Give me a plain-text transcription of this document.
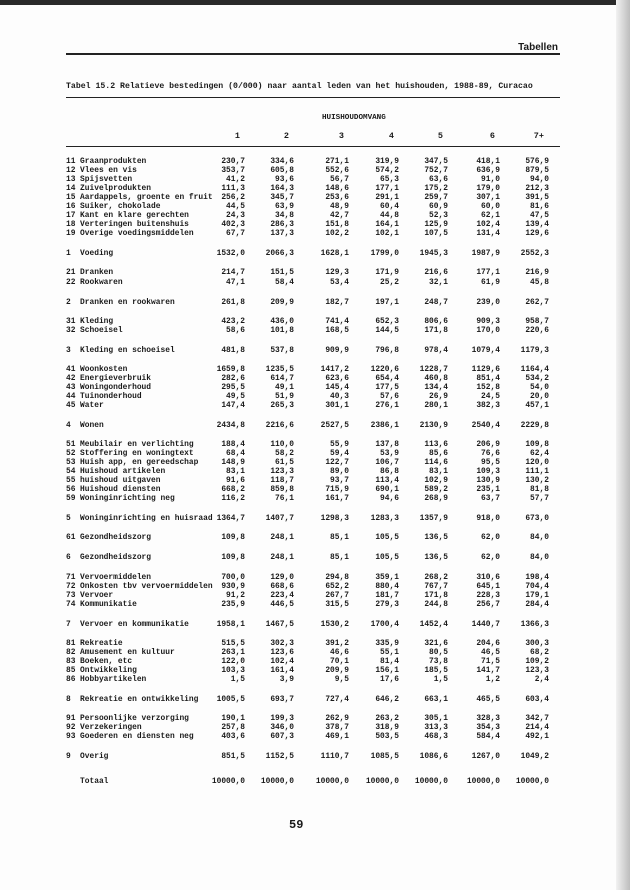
Tabellen
Tabel 15.2 Relatieve bestedingen (0/000) naar aantal leden van het huishouden, 1988-89, Curacao
HUISHOUDOMVANG
1	2	3	4	5	6	7+
11 Graanprodukten	230,7	334,6	271,1	319,9	347,5	418,1	576,9
12 Vlees en vis	353,7	605,8	552,6	574,2	752,7	636,9	879,5
13 Spijsvetten	41,2	93,6	56,7	65,3	63,6	91,0	94,0
14 Zuivelprodukten	111,3	164,3	148,6	177,1	175,2	179,0	212,3
15 Aardappels, groente en fruit	256,2	345,7	253,6	291,1	259,7	307,1	391,5
16 Suiker, chokolade	44,5	63,9	48,9	60,4	60,9	60,0	81,6
17 Kant en klare gerechten	24,3	34,8	42,7	44,8	52,3	62,1	47,5
18 Verteringen buitenshuis	402,3	286,3	151,8	164,1	125,9	102,4	139,4
19 Overige voedingsmiddelen	67,7	137,3	102,2	102,1	107,5	131,4	129,6
1 Voeding	1532,0	2066,3	1628,1	1799,0	1945,3	1987,9	2552,3
21 Dranken	214,7	151,5	129,3	171,9	216,6	177,1	216,9
22 Rookwaren	47,1	58,4	53,4	25,2	32,1	61,9	45,8
2 Dranken en rookwaren	261,8	209,9	182,7	197,1	248,7	239,0	262,7
31 Kleding	423,2	436,0	741,4	652,3	806,6	909,3	958,7
32 Schoeisel	58,6	101,8	168,5	144,5	171,8	170,0	220,6
3 Kleding en schoeisel	481,8	537,8	909,9	796,8	978,4	1079,4	1179,3
41 Woonkosten	1659,8	1235,5	1417,2	1220,6	1228,7	1129,6	1164,4
42 Energieverbruik	282,6	614,7	623,6	654,4	460,8	851,4	534,2
43 Woningonderhoud	295,5	49,1	145,4	177,5	134,4	152,8	54,0
44 Tuinonderhoud	49,5	51,9	40,3	57,6	26,9	24,5	20,0
45 Water	147,4	265,3	301,1	276,1	280,1	382,3	457,1
4 Wonen	2434,8	2216,6	2527,5	2386,1	2130,9	2540,4	2229,8
51 Meubilair en verlichting	188,4	110,0	55,9	137,8	113,6	206,9	109,8
52 Stoffering en woningtext	68,4	58,2	59,4	53,9	85,6	76,6	62,4
53 Huish app, en gereedschap	148,9	61,5	122,7	106,7	114,6	95,5	120,0
54 Huishoud artikelen	83,1	123,3	89,0	86,8	83,1	109,3	111,1
55 huishoud uitgaven	91,6	118,7	93,7	113,4	102,9	130,9	130,2
56 Huishoud diensten	668,2	859,8	715,9	690,1	589,2	235,1	81,8
59 Woninginrichting neg	116,2	76,1	161,7	94,6	268,9	63,7	57,7
5 Woninginrichting en huisraad 1364,7	1407,7	1298,3	1283,3	1357,9	918,0	673,0
61 Gezondheidszorg	109,8	248,1	85,1	105,5	136,5	62,0	84,0
6 Gezondheidszorg	109,8	248,1	85,1	105,5	136,5	62,0	84,0
71 Vervoermiddelen	700,0	129,0	294,8	359,1	268,2	310,6	198,4
72 Onkosten tbv vervoermiddelen	930,9	668,6	652,2	880,4	767,7	645,1	704,4
73 Vervoer	91,2	223,4	267,7	181,7	171,8	228,3	179,1
74 Kommunikatie	235,9	446,5	315,5	279,3	244,8	256,7	284,4
7 Vervoer en kommunikatie	1958,1	1467,5	1530,2	1700,4	1452,4	1440,7	1366,3
81 Rekreatie	515,5	302,3	391,2	335,9	321,6	204,6	300,3
82 Amusement en kultuur	263,1	123,6	46,6	55,1	80,5	46,5	68,2
83 Boeken, etc	122,0	102,4	70,1	81,4	73,8	71,5	109,2
85 Ontwikkeling	103,3	161,4	209,9	156,1	185,5	141,7	123,3
86 Hobbyartikelen	1,5	3,9	9,5	17,6	1,5	1,2	2,4
8 Rekreatie en ontwikkeling	1005,5	693,7	727,4	646,2	663,1	465,5	603,4
91 Persoonlijke verzorging	190,1	199,3	262,9	263,2	305,1	328,3	342,7
92 Verzekeringen	257,8	346,0	378,7	318,9	313,3	354,3	214,4
93 Goederen en diensten neg	403,6	607,3	469,1	503,5	468,3	584,4	492,1
9 Overig	851,5	1152,5	1110,7	1085,5	1086,6	1267,0	1049,2
Totaal	10000,0	10000,0	10000,0	10000,0	10000,0	10000,0	10000,0
59
